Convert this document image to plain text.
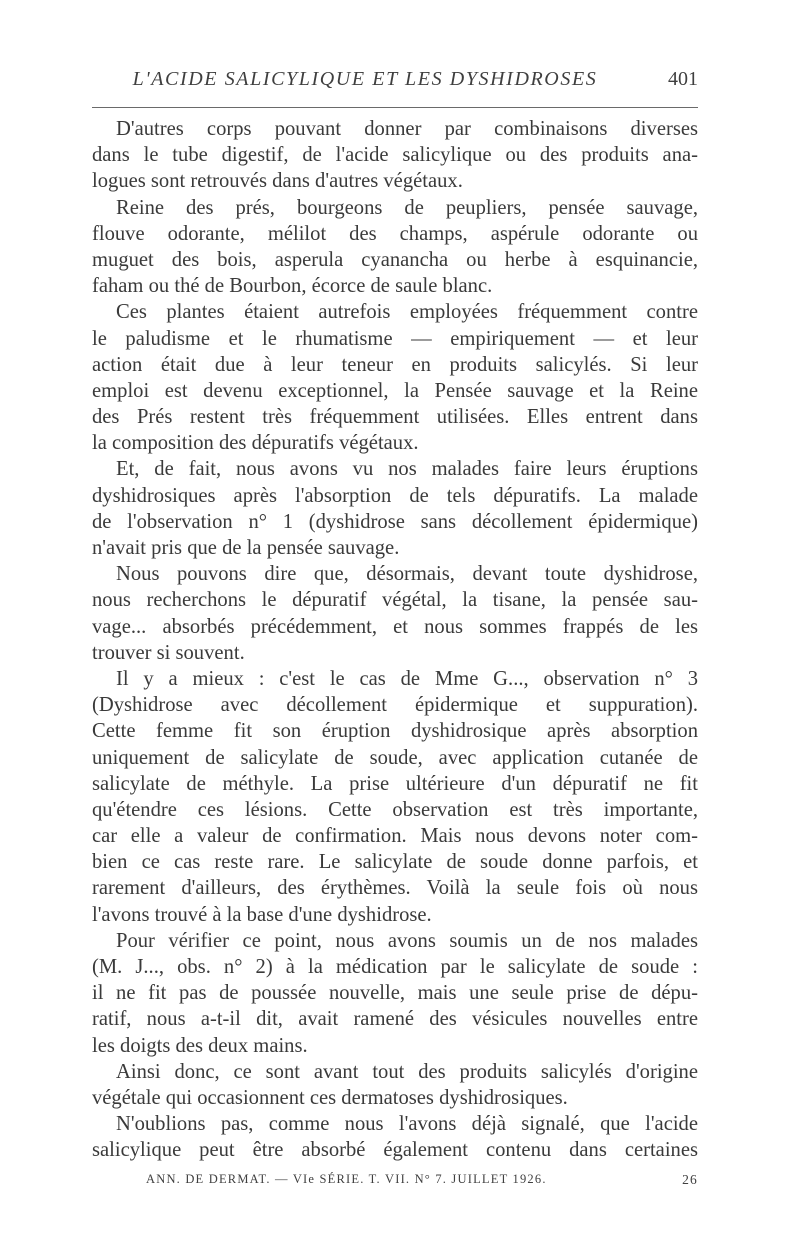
L'ACIDE SALICYLIQUE ET LES DYSHIDROSES	401
D'autres corps pouvant donner par combinaisons diverses
dans le tube digestif, de l'acide salicylique ou des produits ana-
logues sont retrouvés dans d'autres végétaux.
Reine des prés, bourgeons de peupliers, pensée sauvage,
flouve odorante, mélilot des champs, aspérule odorante ou
muguet des bois, asperula cyanancha ou herbe à esquinancie,
faham ou thé de Bourbon, écorce de saule blanc.
Ces plantes étaient autrefois employées fréquemment contre
le paludisme et le rhumatisme — empiriquement — et leur
action était due à leur teneur en produits salicylés. Si leur
emploi est devenu exceptionnel, la Pensée sauvage et la Reine
des Prés restent très fréquemment utilisées. Elles entrent dans
la composition des dépuratifs végétaux.
Et, de fait, nous avons vu nos malades faire leurs éruptions
dyshidrosiques après l'absorption de tels dépuratifs. La malade
de l'observation n° 1 (dyshidrose sans décollement épidermique)
n'avait pris que de la pensée sauvage.
Nous pouvons dire que, désormais, devant toute dyshidrose,
nous recherchons le dépuratif végétal, la tisane, la pensée sau-
vage... absorbés précédemment, et nous sommes frappés de les
trouver si souvent.
Il y a mieux : c'est le cas de Mme G..., observation n° 3
(Dyshidrose avec décollement épidermique et suppuration).
Cette femme fit son éruption dyshidrosique après absorption
uniquement de salicylate de soude, avec application cutanée de
salicylate de méthyle. La prise ultérieure d'un dépuratif ne fit
qu'étendre ces lésions. Cette observation est très importante,
car elle a valeur de confirmation. Mais nous devons noter com-
bien ce cas reste rare. Le salicylate de soude donne parfois, et
rarement d'ailleurs, des érythèmes. Voilà la seule fois où nous
l'avons trouvé à la base d'une dyshidrose.
Pour vérifier ce point, nous avons soumis un de nos malades
(M. J..., obs. n° 2) à la médication par le salicylate de soude :
il ne fit pas de poussée nouvelle, mais une seule prise de dépu-
ratif, nous a-t-il dit, avait ramené des vésicules nouvelles entre
les doigts des deux mains.
Ainsi donc, ce sont avant tout des produits salicylés d'origine
végétale qui occasionnent ces dermatoses dyshidrosiques.
N'oublions pas, comme nous l'avons déjà signalé, que l'acide
salicylique peut être absorbé également contenu dans certaines
ANN. DE DERMAT. — VIe SÉRIE. T. VII. N° 7. JUILLET 1926.	26
